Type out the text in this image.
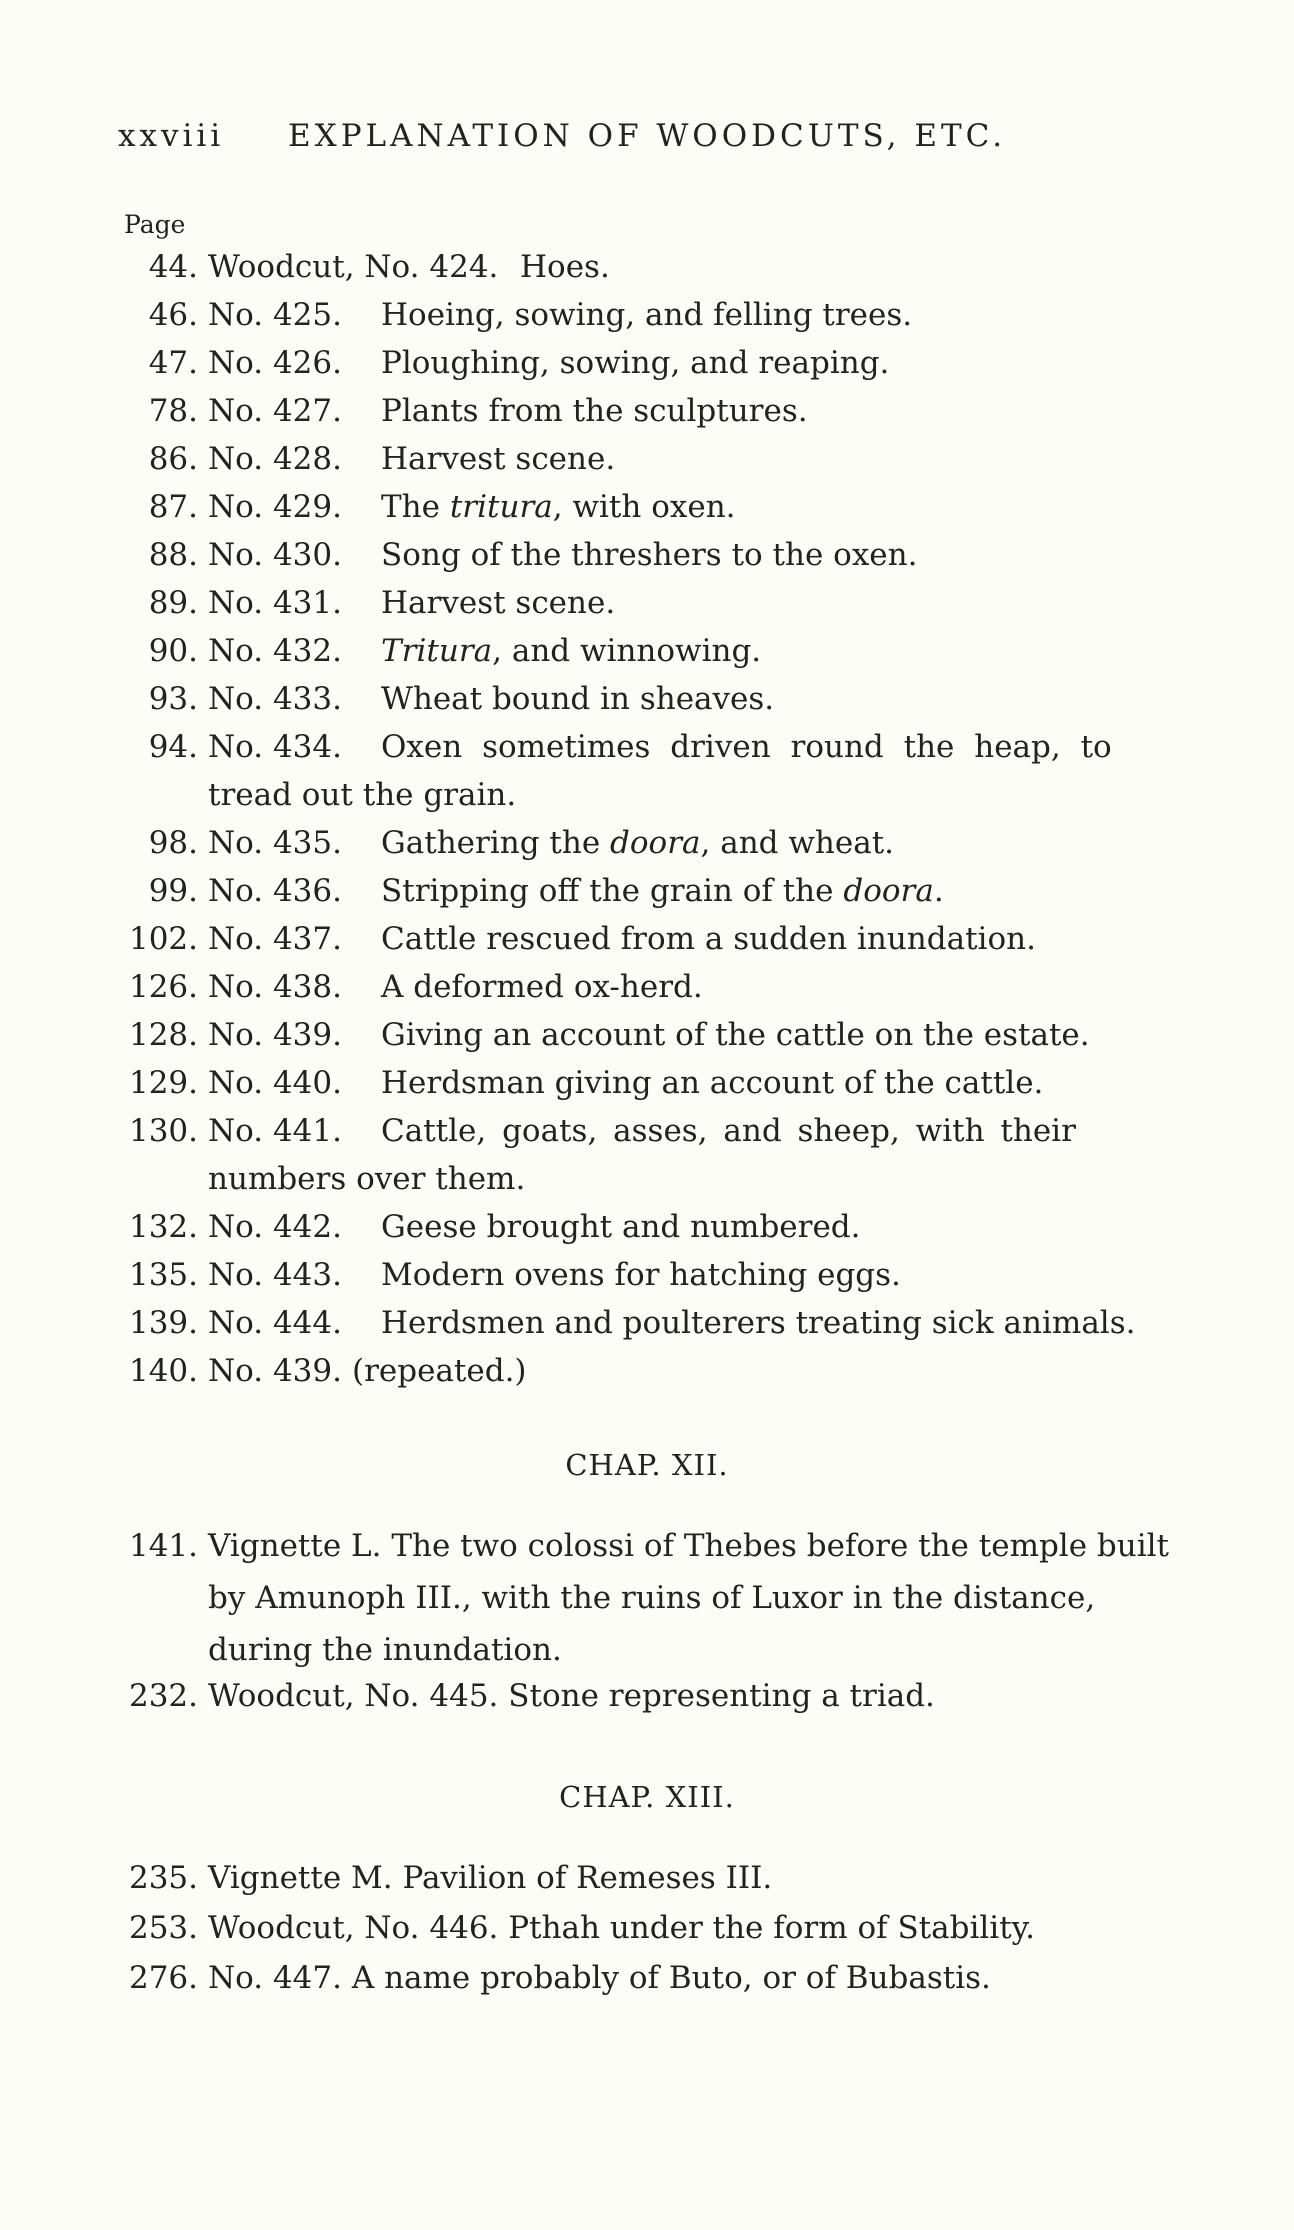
xxviii EXPLANATION OF WOODCUTS, ETC.
Page
44. Woodcut, No. 424. Hoes.
46. No. 425. Hoeing, sowing, and felling trees.
47. No. 426. Ploughing, sowing, and reaping.
78. No. 427. Plants from the sculptures.
86. No. 428. Harvest scene.
87. No. 429. The tritura, with oxen.
88. No. 430. Song of the threshers to the oxen.
89. No. 431. Harvest scene.
90. No. 432. Tritura, and winnowing.
93. No. 433. Wheat bound in sheaves.
94. No. 434. Oxen sometimes driven round the heap, to
tread out the grain.
98. No. 435. Gathering the doora, and wheat.
99. No. 436. Stripping off the grain of the doora.
102. No. 437. Cattle rescued from a sudden inundation.
126. No. 438. A deformed ox-herd.
128. No. 439. Giving an account of the cattle on the estate.
129. No. 440. Herdsman giving an account of the cattle.
130. No. 441. Cattle, goats, asses, and sheep, with their
numbers over them.
132. No. 442. Geese brought and numbered.
135. No. 443. Modern ovens for hatching eggs.
139. No. 444. Herdsmen and poulterers treating sick animals.
140. No. 439. (repeated.)
CHAP. XII.
141. Vignette L. The two colossi of Thebes before the temple built by Amunoph III., with the ruins of Luxor in the distance, during the inundation.
232. Woodcut, No. 445. Stone representing a triad.
CHAP. XIII.
235. Vignette M. Pavilion of Remeses III.
253. Woodcut, No. 446. Pthah under the form of Stability.
276. No. 447. A name probably of Buto, or of Bubastis.
